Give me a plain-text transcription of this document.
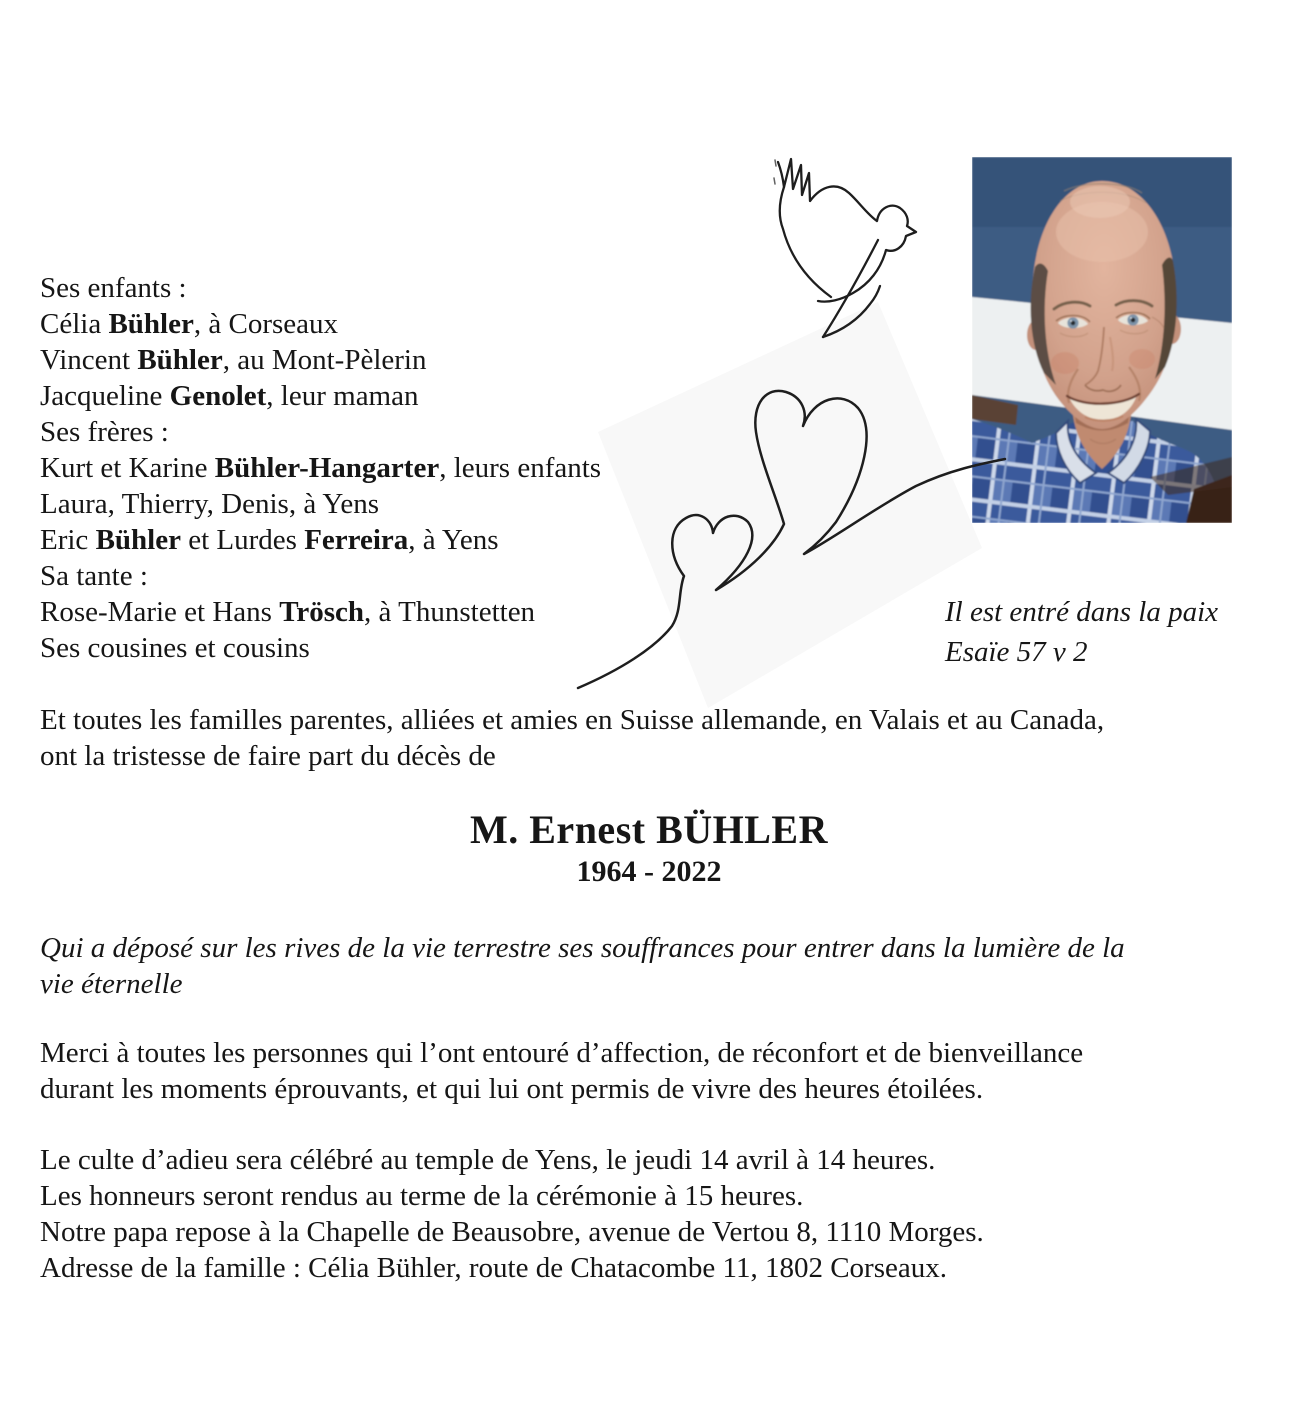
Ses enfants :
Célia Bühler, à Corseaux
Vincent Bühler, au Mont-Pèlerin
Jacqueline Genolet, leur maman
Ses frères :
Kurt et Karine Bühler-Hangarter, leurs enfants
Laura, Thierry, Denis, à Yens
Eric Bühler et Lurdes Ferreira, à Yens
Sa tante :
Rose-Marie et Hans Trösch, à Thunstetten
Ses cousines et cousins
Il est entré dans la paix
Esaïe 57 v 2
Et toutes les familles parentes, alliées et amies en Suisse allemande, en Valais et au Canada,
ont la tristesse de faire part du décès de
M. Ernest BÜHLER
1964 - 2022
Qui a déposé sur les rives de la vie terrestre ses souffrances pour entrer dans la lumière de la
vie éternelle
Merci à toutes les personnes qui l’ont entouré d’affection, de réconfort et de bienveillance
durant les moments éprouvants, et qui lui ont permis de vivre des heures étoilées.
Le culte d’adieu sera célébré au temple de Yens, le jeudi 14 avril à 14 heures.
Les honneurs seront rendus au terme de la cérémonie à 15 heures.
Notre papa repose à la Chapelle de Beausobre, avenue de Vertou 8, 1110 Morges.
Adresse de la famille : Célia Bühler, route de Chatacombe 11, 1802 Corseaux.
